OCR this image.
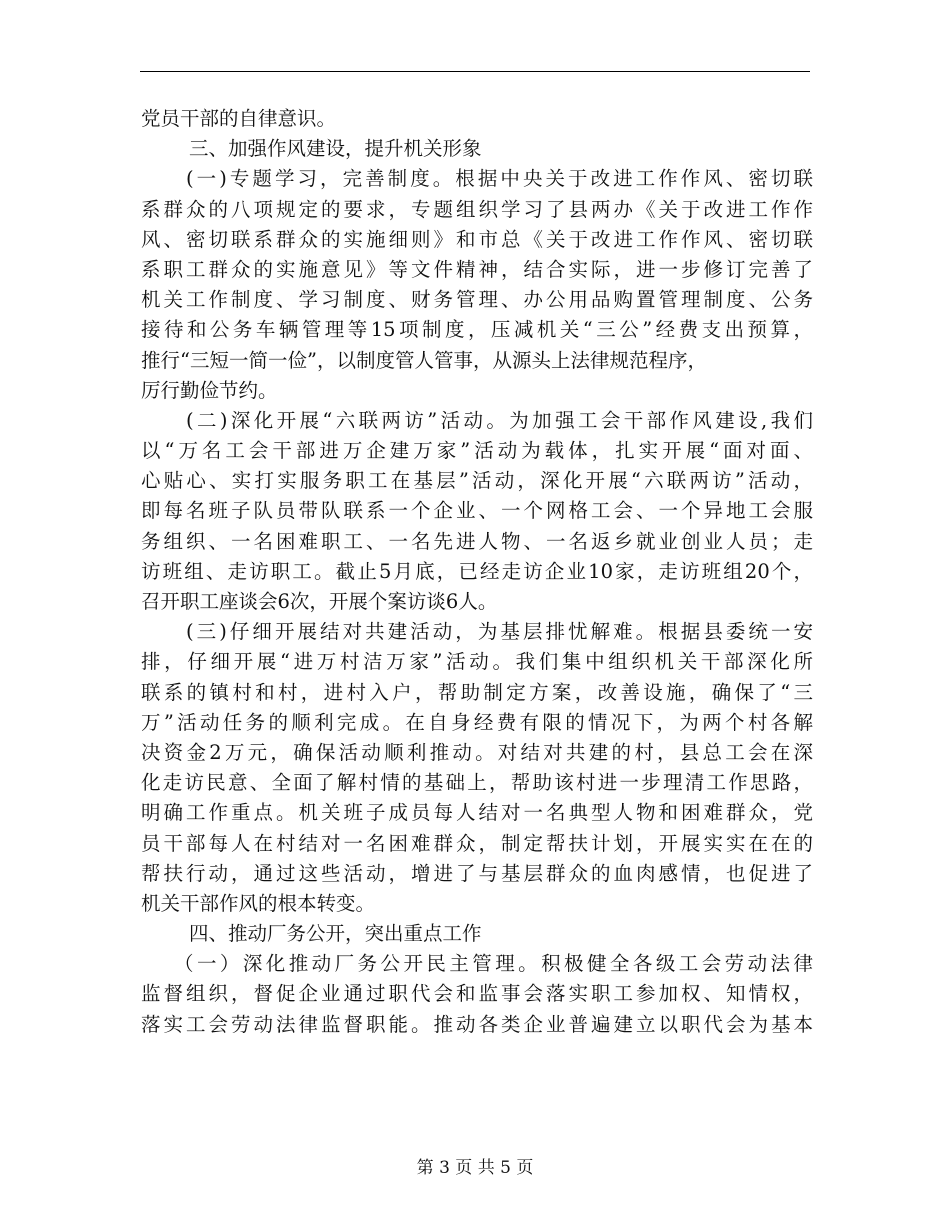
党员干部的自律意识。
三、加强作风建设，提升机关形象
(一)专题学习，完善制度。根据中央关于改进工作作风、密切联
系群众的八项规定的要求，专题组织学习了县两办《关于改进工作作
风、密切联系群众的实施细则》和市总《关于改进工作作风、密切联
系职工群众的实施意见》等文件精神，结合实际，进一步修订完善了
机关工作制度、学习制度、财务管理、办公用品购置管理制度、公务
接待和公务车辆管理等15项制度，压减机关“三公”经费支出预算，
推行“三短一简一俭”，以制度管人管事，从源头上法律规范程序，
厉行勤俭节约。
(二)深化开展“六联两访”活动。为加强工会干部作风建设,我们
以“万名工会干部进万企建万家”活动为载体，扎实开展“面对面、
心贴心、实打实服务职工在基层”活动，深化开展“六联两访”活动，
即每名班子队员带队联系一个企业、一个网格工会、一个异地工会服
务组织、一名困难职工、一名先进人物、一名返乡就业创业人员；走
访班组、走访职工。截止5月底，已经走访企业10家，走访班组20个，
召开职工座谈会6次，开展个案访谈6人。
(三)仔细开展结对共建活动，为基层排忧解难。根据县委统一安
排，仔细开展“进万村洁万家”活动。我们集中组织机关干部深化所
联系的镇村和村，进村入户，帮助制定方案，改善设施，确保了“三
万”活动任务的顺利完成。在自身经费有限的情况下，为两个村各解
决资金2万元，确保活动顺利推动。对结对共建的村，县总工会在深
化走访民意、全面了解村情的基础上，帮助该村进一步理清工作思路，
明确工作重点。机关班子成员每人结对一名典型人物和困难群众，党
员干部每人在村结对一名困难群众，制定帮扶计划，开展实实在在的
帮扶行动，通过这些活动，增进了与基层群众的血肉感情，也促进了
机关干部作风的根本转变。
四、推动厂务公开，突出重点工作
（一）深化推动厂务公开民主管理。积极健全各级工会劳动法律
监督组织，督促企业通过职代会和监事会落实职工参加权、知情权，
落实工会劳动法律监督职能。推动各类企业普遍建立以职代会为基本
第 3 页 共 5 页
